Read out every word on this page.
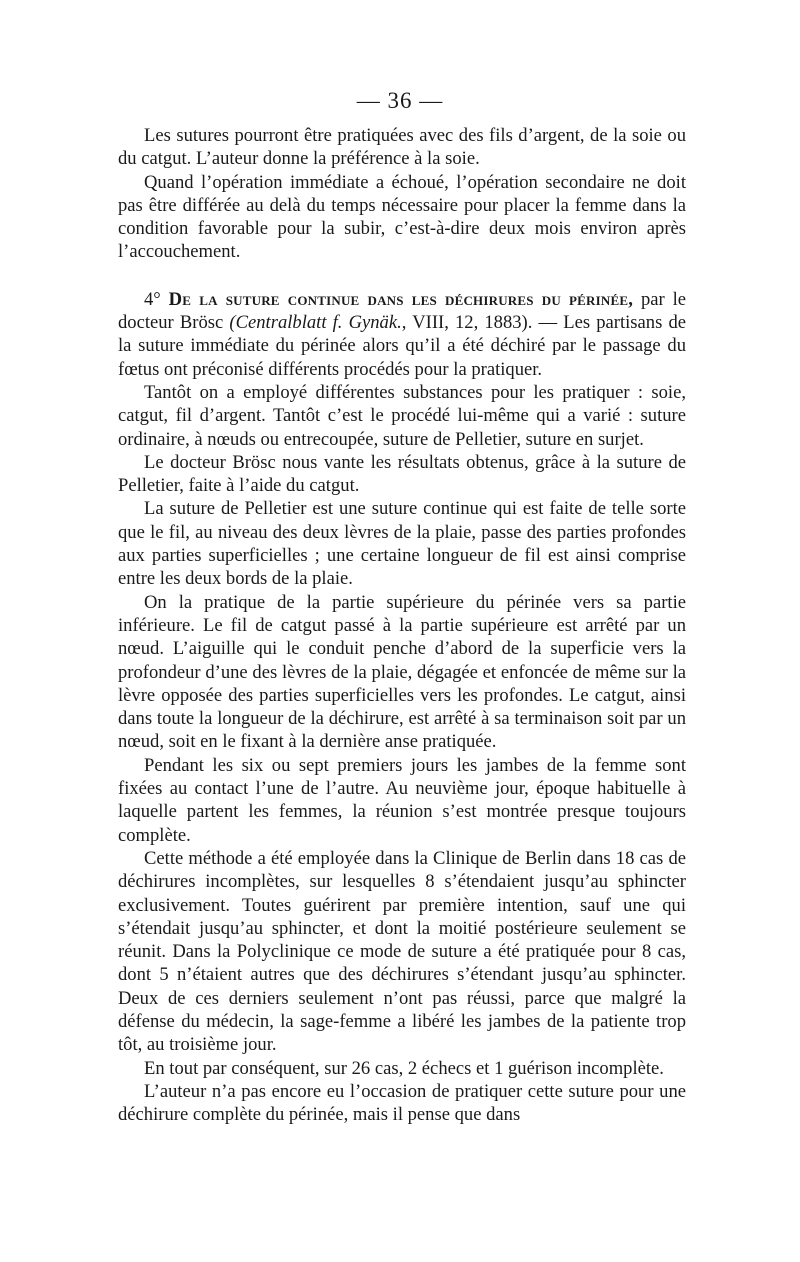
— 36 —

Les sutures pourront être pratiquées avec des fils d’argent, de la soie ou du catgut. L’auteur donne la préférence à la soie.

Quand l’opération immédiate a échoué, l’opération secondaire ne doit pas être différée au delà du temps nécessaire pour placer la femme dans la condition favorable pour la subir, c’est-à-dire deux mois environ après l’accouchement.

4° De la suture continue dans les déchirures du périnée, par le docteur Brösc (Centralblatt f. Gynäk., VIII, 12, 1883). — Les partisans de la suture immédiate du périnée alors qu’il a été déchiré par le passage du fœtus ont préconisé différents procédés pour la pratiquer.

Tantôt on a employé différentes substances pour les pratiquer : soie, catgut, fil d’argent. Tantôt c’est le procédé lui-même qui a varié : suture ordinaire, à nœuds ou entrecoupée, suture de Pelletier, suture en surjet.

Le docteur Brösc nous vante les résultats obtenus, grâce à la suture de Pelletier, faite à l’aide du catgut.

La suture de Pelletier est une suture continue qui est faite de telle sorte que le fil, au niveau des deux lèvres de la plaie, passe des parties profondes aux parties superficielles ; une certaine longueur de fil est ainsi comprise entre les deux bords de la plaie.

On la pratique de la partie supérieure du périnée vers sa partie inférieure. Le fil de catgut passé à la partie supérieure est arrêté par un nœud. L’aiguille qui le conduit penche d’abord de la superficie vers la profondeur d’une des lèvres de la plaie, dégagée et enfoncée de même sur la lèvre opposée des parties superficielles vers les profondes. Le catgut, ainsi dans toute la longueur de la déchirure, est arrêté à sa terminaison soit par un nœud, soit en le fixant à la dernière anse pratiquée.

Pendant les six ou sept premiers jours les jambes de la femme sont fixées au contact l’une de l’autre. Au neuvième jour, époque habituelle à laquelle partent les femmes, la réunion s’est montrée presque toujours complète.

Cette méthode a été employée dans la Clinique de Berlin dans 18 cas de déchirures incomplètes, sur lesquelles 8 s’étendaient jusqu’au sphincter exclusivement. Toutes guérirent par première intention, sauf une qui s’étendait jusqu’au sphincter, et dont la moitié postérieure seulement se réunit. Dans la Polyclinique ce mode de suture a été pratiquée pour 8 cas, dont 5 n’étaient autres que des déchirures s’étendant jusqu’au sphincter. Deux de ces derniers seulement n’ont pas réussi, parce que malgré la défense du médecin, la sage-femme a libéré les jambes de la patiente trop tôt, au troisième jour.

En tout par conséquent, sur 26 cas, 2 échecs et 1 guérison incomplète.

L’auteur n’a pas encore eu l’occasion de pratiquer cette suture pour une déchirure complète du périnée, mais il pense que dans
